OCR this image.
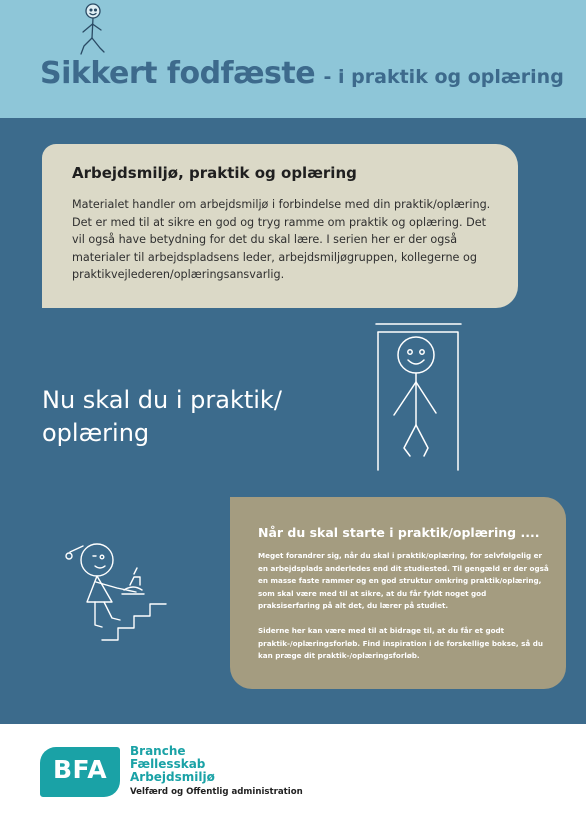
Sikkert fodfæste - i praktik og oplæring
Arbejdsmiljø, praktik og oplæring

Materialet handler om arbejdsmiljø i forbindelse med din praktik/oplæring. Det er med til at sikre en god og tryg ramme om praktik og oplæring. Det vil også have betydning for det du skal lære. I serien her er der også materialer til arbejdspladsens leder, arbejdsmiljøgruppen, kollegerne og praktikvejlederen/oplæringsansvarlig.

Nu skal du i praktik/ oplæring
Når du skal starte i praktik/oplæring ....

Meget forandrer sig, når du skal i praktik/oplæring, for selvfølgelig er en arbejdsplads anderledes end dit studiested. Til gengæld er der også en masse faste rammer og en god struktur omkring praktik/oplæring, som skal være med til at sikre, at du får fyldt noget god praksiserfaring på alt det, du lærer på studiet.

Siderne her kan være med til at bidrage til, at du får et godt praktik-/oplæringsforløb. Find inspiration i de forskellige bokse, så du kan præge dit praktik-/oplæringsforløb.

BFA
Branche
Fællesskab
Arbejdsmiljø
Velfærd og Offentlig administration
